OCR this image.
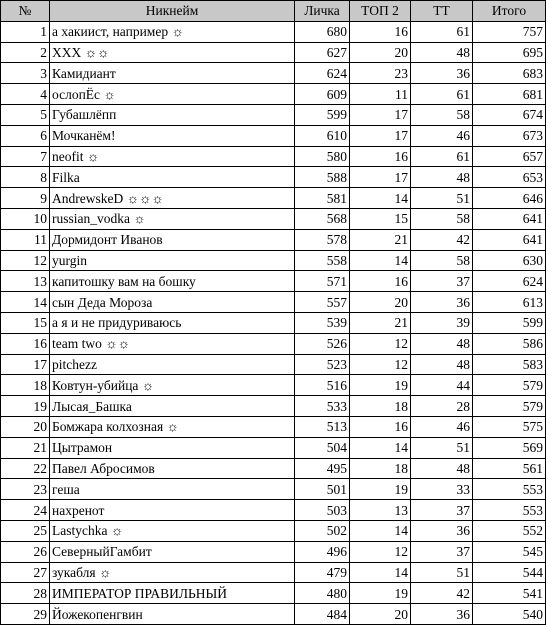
№	Никнейм	Личка	ТОП 2	ТТ	Итого
1	а хакиист, например ☼	680	16	61	757
2	XXX ☼☼	627	20	48	695
3	Камидиант	624	23	36	683
4	ослопЁс ☼	609	11	61	681
5	Губашлёпп	599	17	58	674
6	Мочканём!	610	17	46	673
7	neofit ☼	580	16	61	657
8	Filka	588	17	48	653
9	AndrewskeD ☼☼☼	581	14	51	646
10	russian_vodka ☼	568	15	58	641
11	Дормидонт Иванов	578	21	42	641
12	yurgin	558	14	58	630
13	капитошку вам на бошку	571	16	37	624
14	сын Деда Мороза	557	20	36	613
15	а я и не придуриваюсь	539	21	39	599
16	team two ☼☼	526	12	48	586
17	pitchezz	523	12	48	583
18	Ковтун-убийца ☼	516	19	44	579
19	Лысая_Башка	533	18	28	579
20	Бомжара колхозная ☼	513	16	46	575
21	Цытрамон	504	14	51	569
22	Павел Абросимов	495	18	48	561
23	гешa	501	19	33	553
24	нахренот	503	13	37	553
25	Lastychka ☼	502	14	36	552
26	СеверныйГамбит	496	12	37	545
27	зукабля ☼	479	14	51	544
28	ИМПЕРАТОР ПРАВИЛЬНЫЙ	480	19	42	541
29	Йожекопенгвин	484	20	36	540
